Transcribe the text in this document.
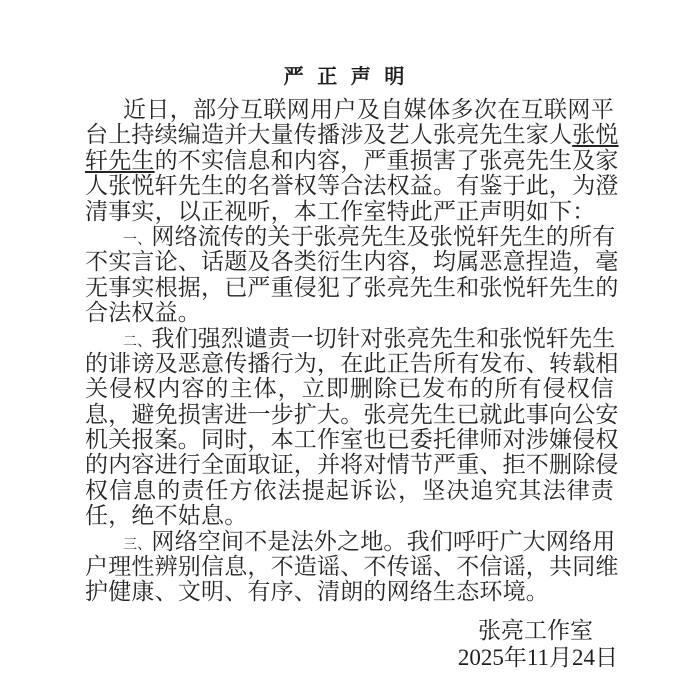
严 正 声 明
近日，部分互联网用户及自媒体多次在互联网平
台上持续编造并大量传播涉及艺人张亮先生家人张悦
轩先生的不实信息和内容，严重损害了张亮先生及家
人张悦轩先生的名誉权等合法权益。有鉴于此，为澄
清事实，以正视听，本工作室特此严正声明如下：
一、网络流传的关于张亮先生及张悦轩先生的所有
不实言论、话题及各类衍生内容，均属恶意捏造，毫
无事实根据，已严重侵犯了张亮先生和张悦轩先生的
合法权益。
二、我们强烈谴责一切针对张亮先生和张悦轩先生
的诽谤及恶意传播行为，在此正告所有发布、转载相
关侵权内容的主体，立即删除已发布的所有侵权信
息，避免损害进一步扩大。张亮先生已就此事向公安
机关报案。同时，本工作室也已委托律师对涉嫌侵权
的内容进行全面取证，并将对情节严重、拒不删除侵
权信息的责任方依法提起诉讼，坚决追究其法律责
任，绝不姑息。
三、网络空间不是法外之地。我们呼吁广大网络用
户理性辨别信息，不造谣、不传谣、不信谣，共同维
护健康、文明、有序、清朗的网络生态环境。
张亮工作室
2025年11月24日
